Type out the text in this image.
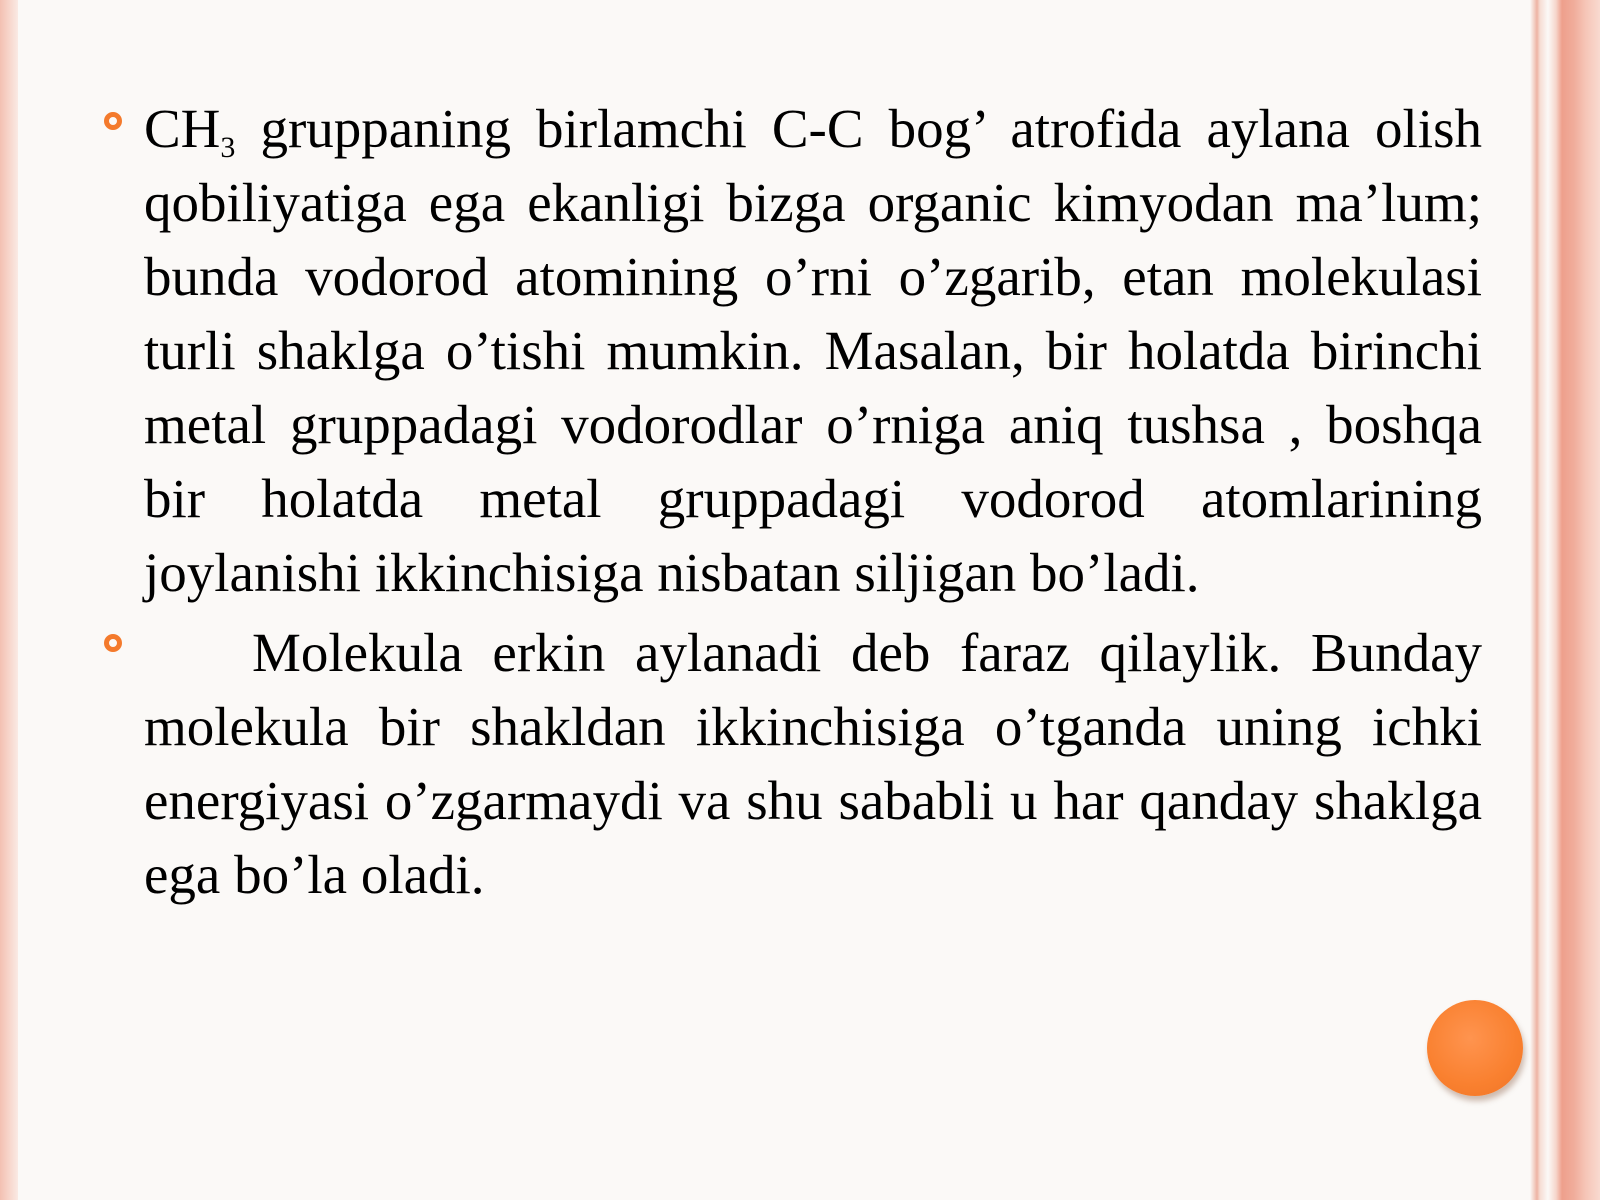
$CH_3$ gruppaning birlamchi C-C bog’ atrofida aylana olish qobiliyatiga ega ekanligi bizga organic kimyodan ma’lum; bunda vodorod atomining o’rni o’zgarib, etan molekulasi turli shaklga o’tishi mumkin. Masalan, bir holatda birinchi metal gruppadagi vodorodlar o’rniga aniq tushsa , boshqa bir holatda metal gruppadagi vodorod atomlarining joylanishi ikkinchisiga nisbatan siljigan bo’ladi.

Molekula erkin aylanadi deb faraz qilaylik. Bunday molekula bir shakldan ikkinchisiga o’tganda uning ichki energiyasi o’zgarmaydi va shu sababli u har qanday shaklga ega bo’la oladi.
